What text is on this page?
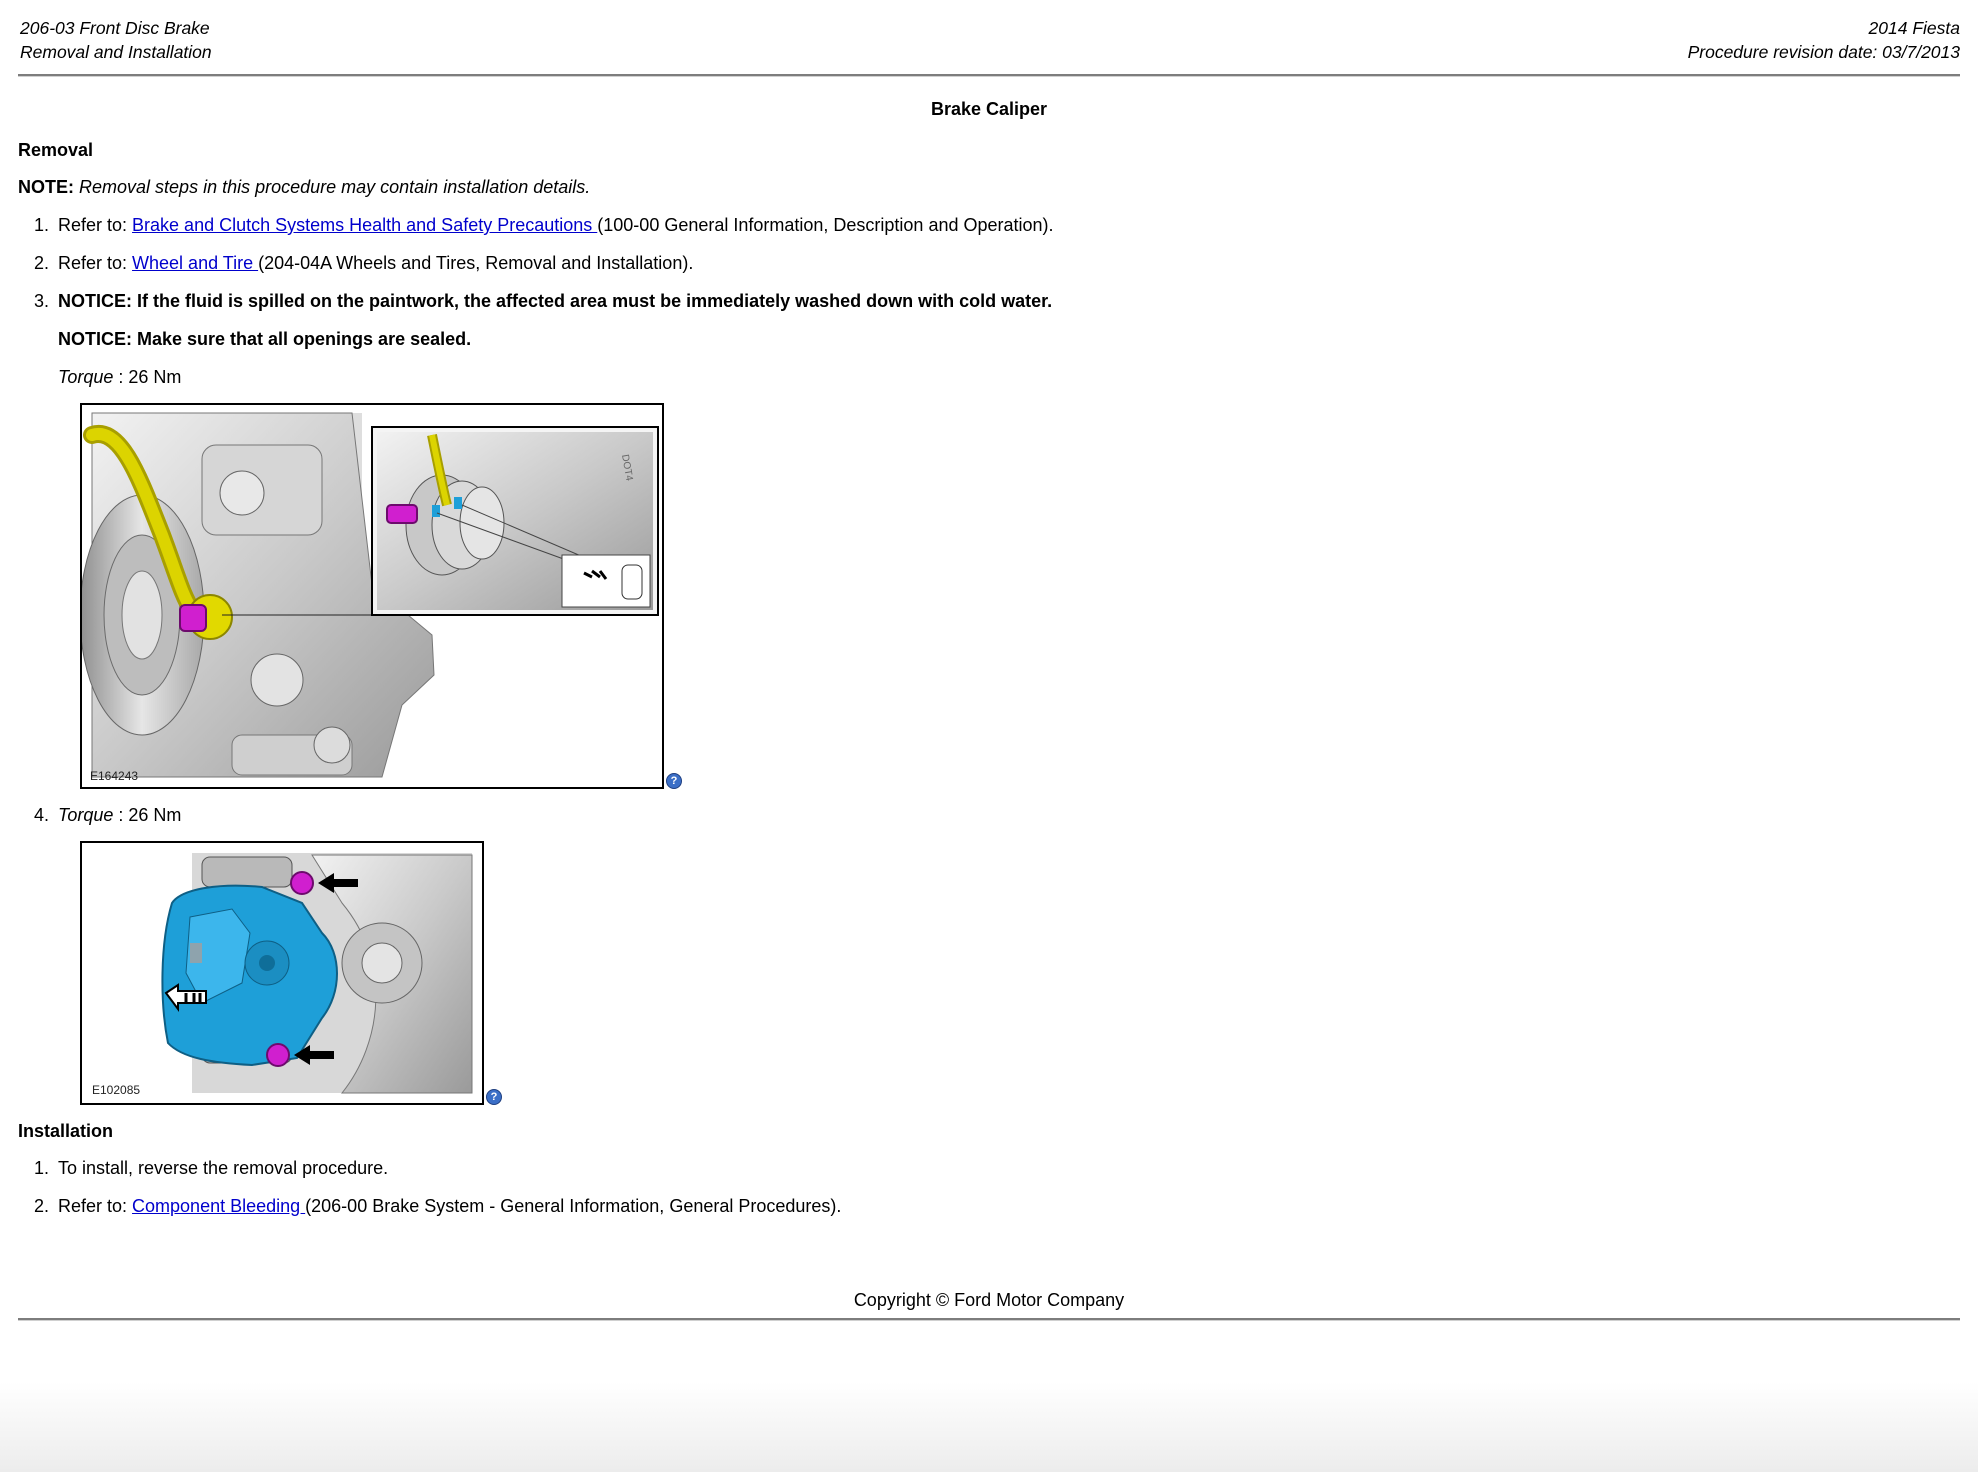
206-03 Front Disc Brake
Removal and Installation
2014 Fiesta
Procedure revision date: 03/7/2013
Brake Caliper
Removal
NOTE: Removal steps in this procedure may contain installation details.
1. Refer to: Brake and Clutch Systems Health and Safety Precautions (100-00 General Information, Description and Operation).
2. Refer to: Wheel and Tire (204-04A Wheels and Tires, Removal and Installation).
3. NOTICE: If the fluid is spilled on the paintwork, the affected area must be immediately washed down with cold water.
NOTICE: Make sure that all openings are sealed.
Torque : 26 Nm
DOT4
E164243	?
4. Torque : 26 Nm
E102085	?
Installation
1. To install, reverse the removal procedure.
2. Refer to: Component Bleeding (206-00 Brake System - General Information, General Procedures).
Copyright © Ford Motor Company
